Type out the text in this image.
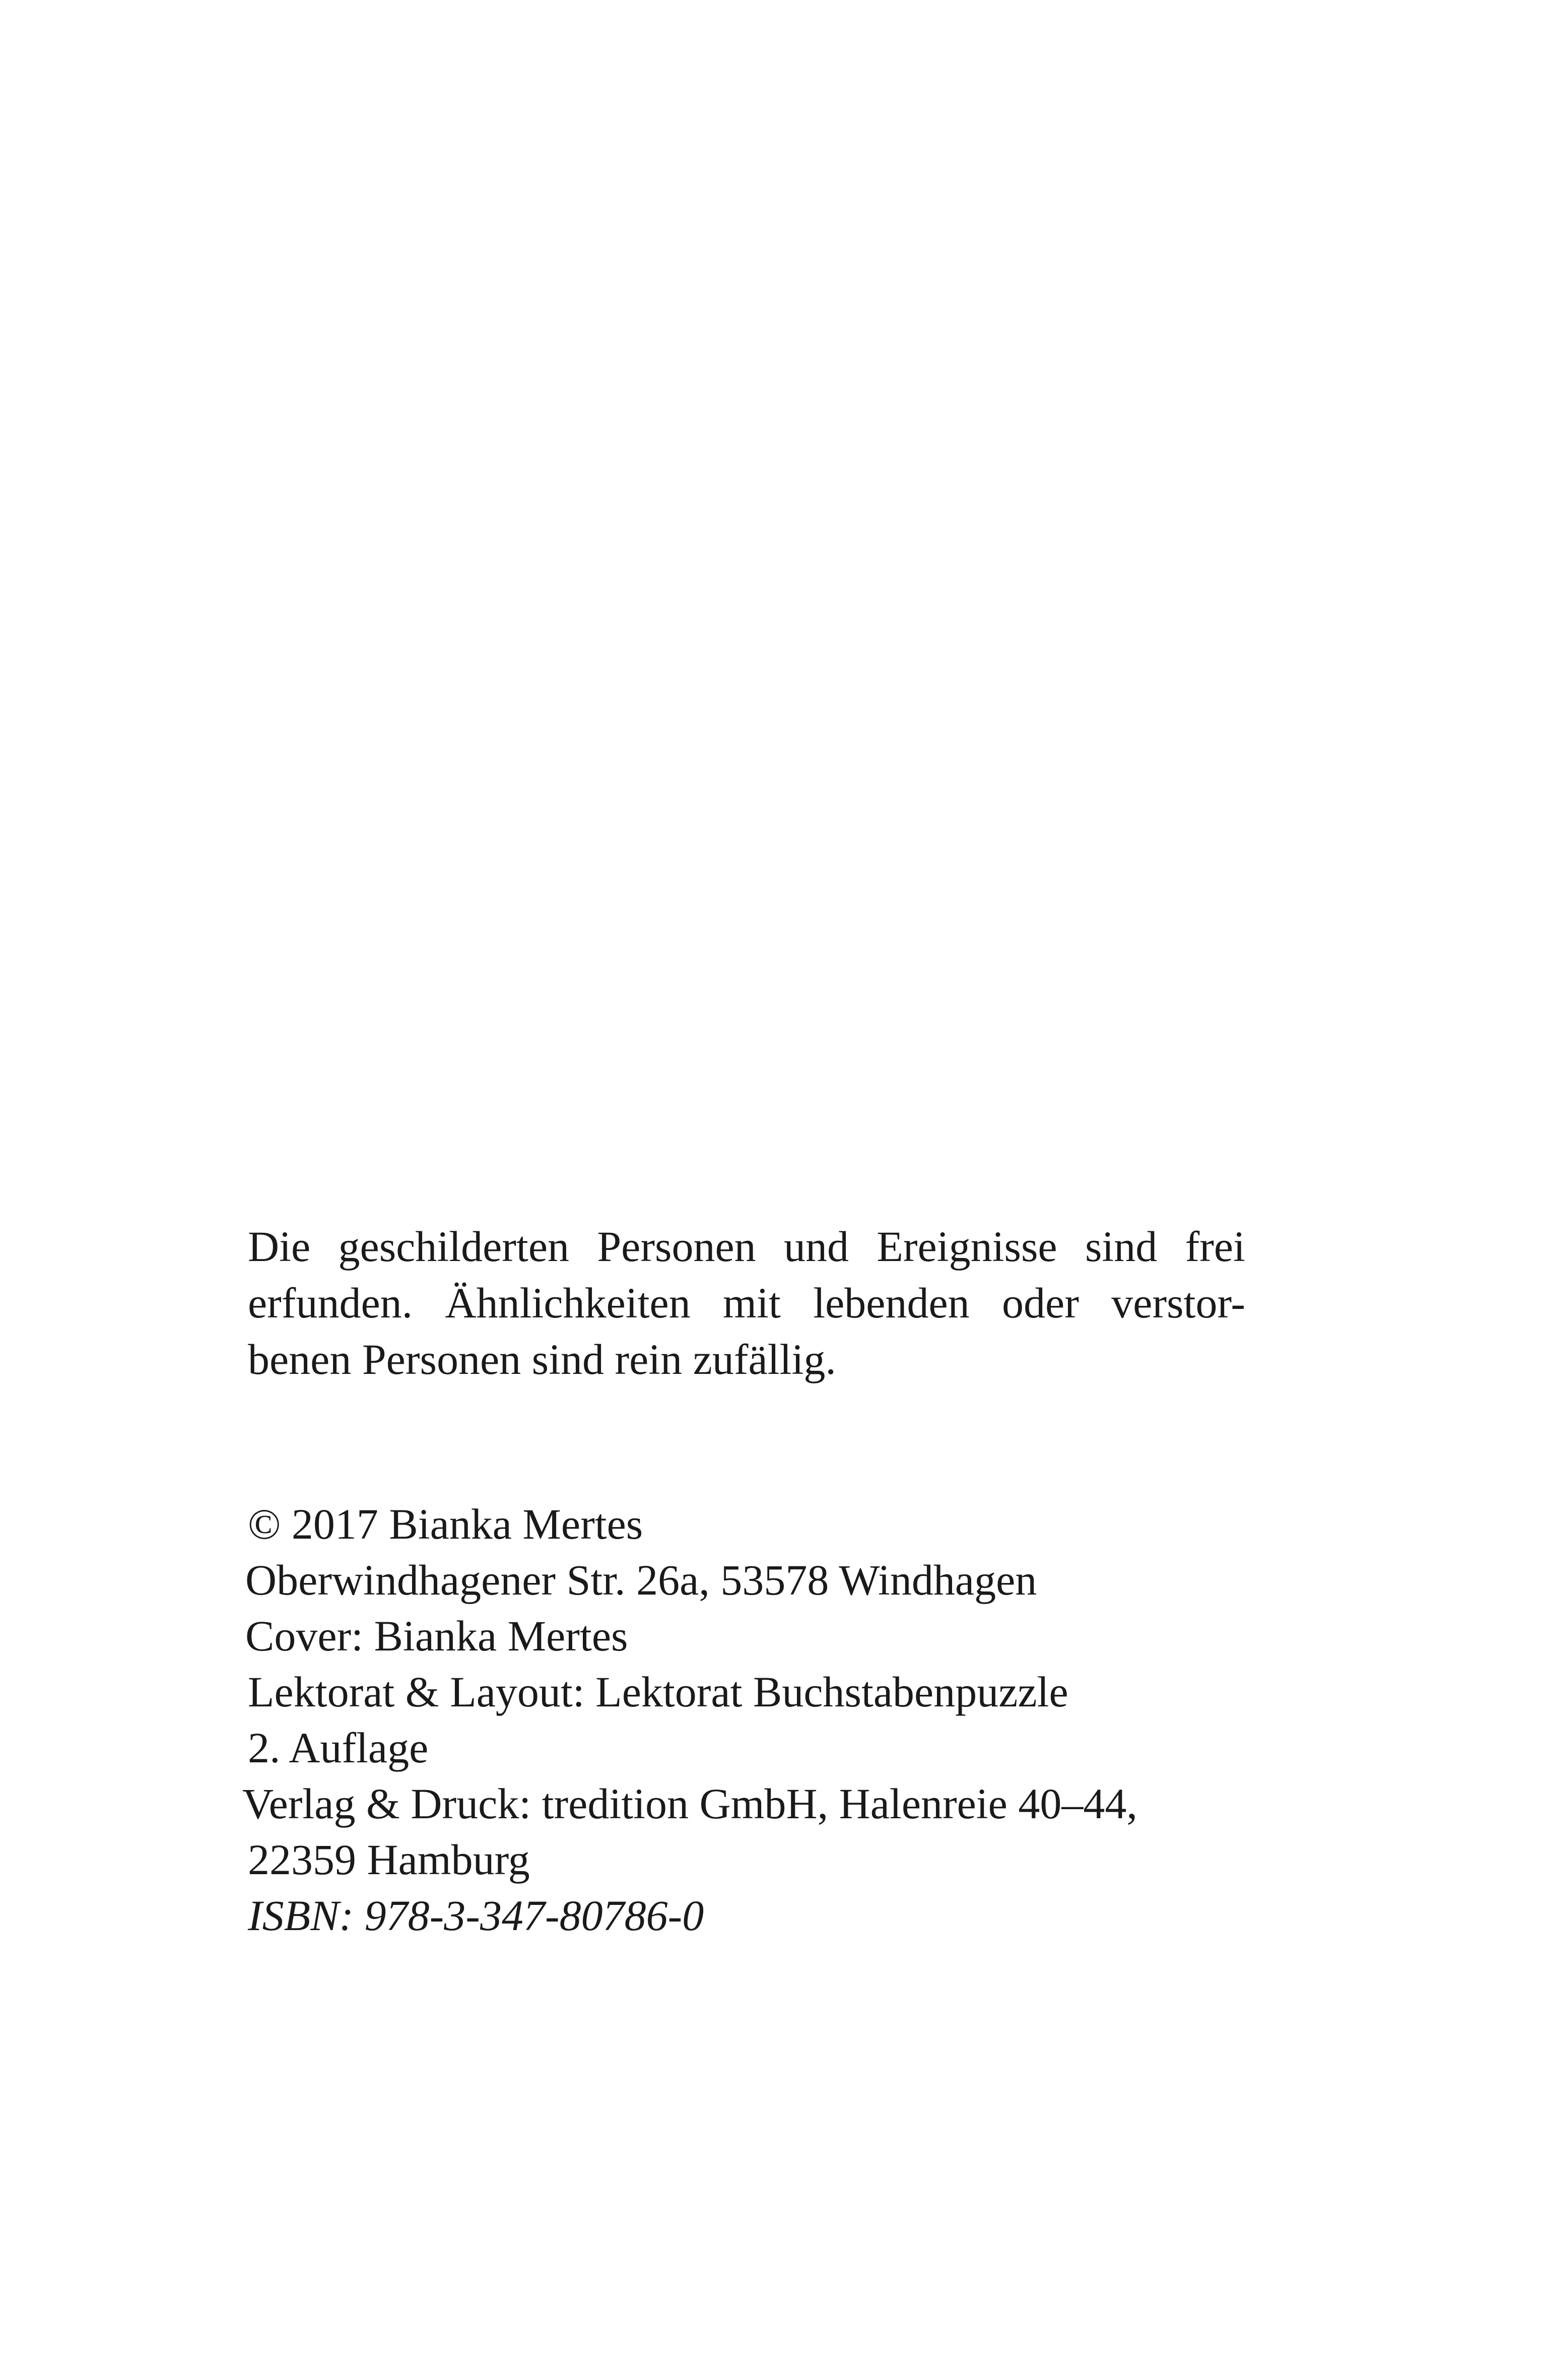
Die geschilderten Personen und Ereignisse sind frei
erfunden. Ähnlichkeiten mit lebenden oder verstor-
benen Personen sind rein zufällig.
© 2017 Bianka Mertes
Oberwindhagener Str. 26a, 53578 Windhagen
Cover: Bianka Mertes
Lektorat & Layout: Lektorat Buchstabenpuzzle
2. Auflage
Verlag & Druck: tredition GmbH, Halenreie 40–44,
22359 Hamburg
ISBN: 978-3-347-80786-0
